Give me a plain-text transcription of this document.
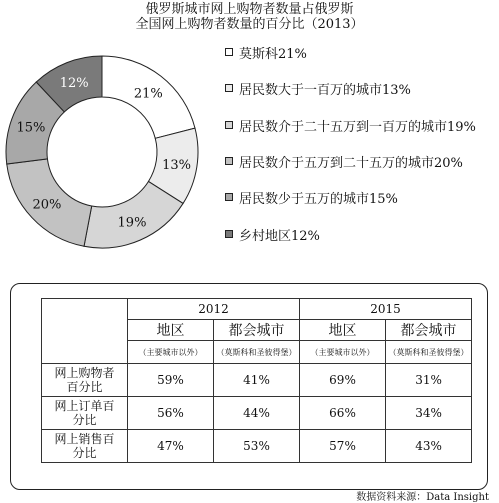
俄罗斯城市网上购物者数量占俄罗斯
全国网上购物者数量的百分比（2013）
21%
13%
19%
20%
15%
12%
莫斯科21%
居民数大于一百万的城市13%
居民数介于二十五万到一百万的城市19%
居民数介于五万到二十五万的城市20%
居民数少于五万的城市15%
乡村地区12%
	2012		2015	
	地区	都会城市	地区	都会城市
	（主要城市以外）	（莫斯科和圣彼得堡）	（主要城市以外）	（莫斯科和圣彼得堡）
网上购物者
百分比	59%	41%	69%	31%
网上订单百
分比	56%	44%	66%	34%
网上销售百
分比	47%	53%	57%	43%
数据资料来源：Data Insight
